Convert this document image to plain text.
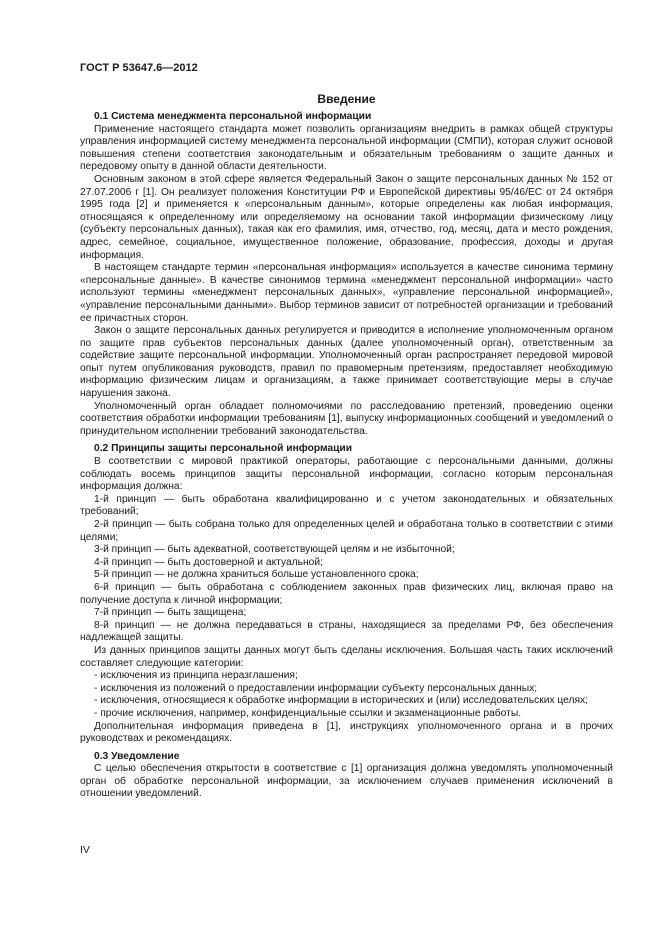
ГОСТ Р 53647.6—2012
Введение
0.1 Система менеджмента персональной информации
Применение настоящего стандарта может позволить организациям внедрить в рамках общей структуры управления информацией систему менеджмента персональной информации (СМПИ), которая служит основой повышения степени соответствия законодательным и обязательным требованиям о защите данных и передовому опыту в данной области деятельности.
Основным законом в этой сфере является Федеральный Закон о защите персональных данных № 152 от 27.07.2006 г [1]. Он реализует положения Конституции РФ и Европейской директивы 95/46/ЕС от 24 октября 1995 года [2] и применяется к «персональным данным», которые определены как любая информация, относящаяся к определенному или определяемому на основании такой информации физическому лицу (субъекту персональных данных), такая как его фамилия, имя, отчество, год, месяц, дата и место рождения, адрес, семейное, социальное, имущественное положение, образование, профессия, доходы и другая информация.
В настоящем стандарте термин «персональная информация» используется в качестве синонима термину «персональные данные». В качестве синонимов термина «менеджмент персональной информации» часто используют термины «менеджмент персональных данных», «управление персональной информацией», «управление персональными данными». Выбор терминов зависит от потребностей организации и требований ее причастных сторон.
Закон о защите персональных данных регулируется и приводится в исполнение уполномоченным органом по защите прав субъектов персональных данных (далее уполномоченный орган), ответственным за содействие защите персональной информации. Уполномоченный орган распространяет передовой мировой опыт путем опубликования руководств, правил по правомерным претензиям, предоставляет необходимую информацию физическим лицам и организациям, а также принимает соответствующие меры в случае нарушения закона.
Уполномоченный орган обладает полномочиями по расследованию претензий, проведению оценки соответствия обработки информации требованиям [1], выпуску информационных сообщений и уведомлений о принудительном исполнении требований законодательства.
0.2 Принципы защиты персональной информации
В соответствии с мировой практикой операторы, работающие с персональными данными, должны соблюдать восемь принципов защиты персональной информации, согласно которым персональная информация должна:
1-й принцип — быть обработана квалифицированно и с учетом законодательных и обязательных требований;
2-й принцип — быть собрана только для определенных целей и обработана только в соответствии с этими целями;
3-й принцип — быть адекватной, соответствующей целям и не избыточной;
4-й принцип — быть достоверной и актуальной;
5-й принцип — не должна храниться больше установленного срока;
6-й принцип — быть обработана с соблюдением законных прав физических лиц, включая право на получение доступа к личной информации;
7-й принцип — быть защищена;
8-й принцип — не должна передаваться в страны, находящиеся за пределами РФ, без обеспечения надлежащей защиты.
Из данных принципов защиты данных могут быть сделаны исключения. Большая часть таких исключений составляет следующие категории:
- исключения из принципа неразглашения;
- исключения из положений о предоставлении информации субъекту персональных данных;
- исключения, относящиеся к обработке информации в исторических и (или) исследовательских целях;
- прочие исключения, например, конфиденциальные ссылки и экзаменационные работы.
Дополнительная информация приведена в [1], инструкциях уполномоченного органа и в прочих руководствах и рекомендациях.
0.3 Уведомление
С целью обеспечения открытости в соответствие с [1] организация должна уведомлять уполномоченный орган об обработке персональной информации, за исключением случаев применения исключений в отношении уведомлений.
IV
